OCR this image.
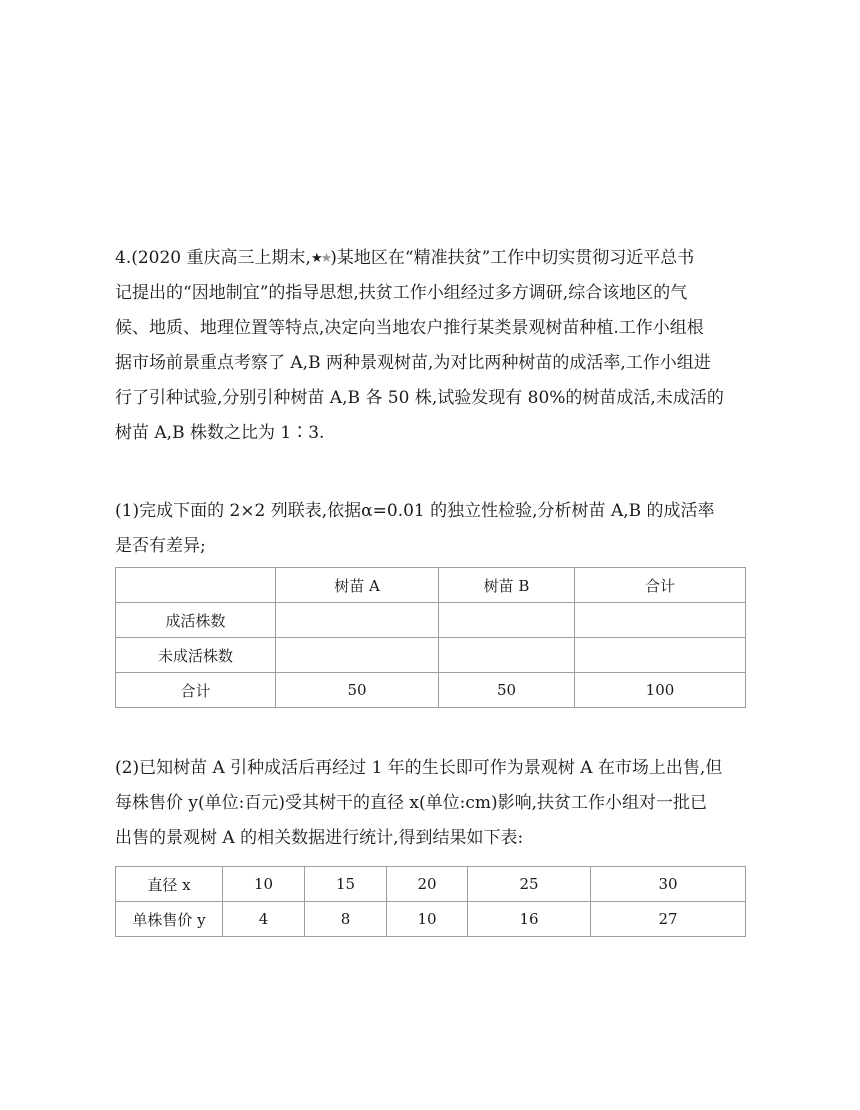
4.(2020 重庆高三上期末,★★)某地区在“精准扶贫”工作中切实贯彻习近平总书
记提出的“因地制宜”的指导思想,扶贫工作小组经过多方调研,综合该地区的气
候、地质、地理位置等特点,决定向当地农户推行某类景观树苗种植.工作小组根
据市场前景重点考察了 A,B 两种景观树苗,为对比两种树苗的成活率,工作小组进
行了引种试验,分别引种树苗 A,B 各 50 株,试验发现有 80%的树苗成活,未成活的
树苗 A,B 株数之比为 1∶3.

(1)完成下面的 2×2 列联表,依据α=0.01 的独立性检验,分析树苗 A,B 的成活率
是否有差异;

	树苗 A	树苗 B	合计
成活株数			
未成活株数			
合计	50	50	100

(2)已知树苗 A 引种成活后再经过 1 年的生长即可作为景观树 A 在市场上出售,但
每株售价 y(单位:百元)受其树干的直径 x(单位:cm)影响,扶贫工作小组对一批已
出售的景观树 A 的相关数据进行统计,得到结果如下表:

直径 x	10	15	20	25	30
单株售价 y	4	8	10	16	27
